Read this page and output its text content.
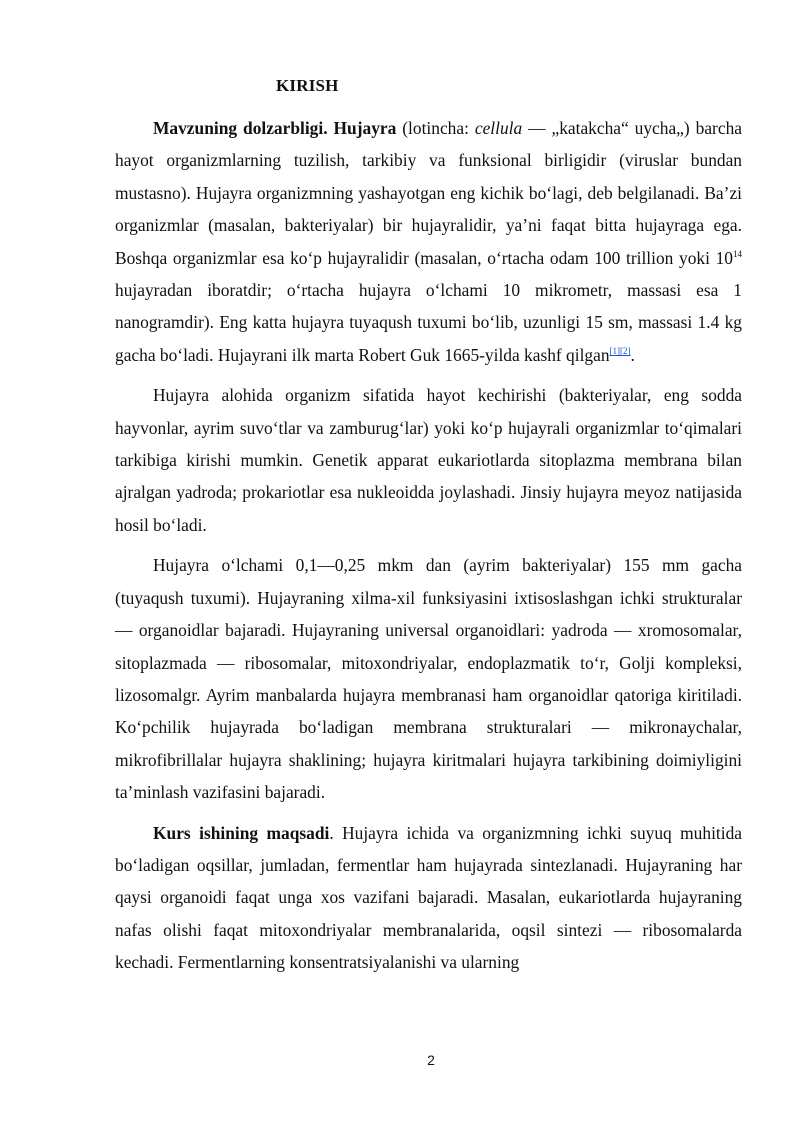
KIRISH

Mavzuning dolzarbligi. Hujayra (lotincha: cellula — „katakcha“ uycha„) barcha hayot organizmlarning tuzilish, tarkibiy va funksional birligidir (viruslar bundan mustasno). Hujayra organizmning yashayotgan eng kichik boʻlagi, deb belgilanadi. Baʼzi organizmlar (masalan, bakteriyalar) bir hujayralidir, yaʼni faqat bitta hujayraga ega. Boshqa organizmlar esa koʻp hujayralidir (masalan, oʻrtacha odam 100 trillion yoki $10^{14}$ hujayradan iboratdir; oʻrtacha hujayra oʻlchami 10 mikrometr, massasi esa 1 nanogramdir). Eng katta hujayra tuyaqush tuxumi boʻlib, uzunligi 15 sm, massasi 1.4 kg gacha boʻladi. Hujayrani ilk marta Robert Guk 1665-yilda kashf qilgan[1][2].

Hujayra alohida organizm sifatida hayot kechirishi (bakteriyalar, eng sodda hayvonlar, ayrim suvoʻtlar va zamburugʻlar) yoki koʻp hujayrali organizmlar toʻqimalari tarkibiga kirishi mumkin. Genetik apparat eukariotlarda sitoplazma membrana bilan ajralgan yadroda; prokariotlar esa nukleoidda joylashadi. Jinsiy hujayra meyoz natijasida hosil boʻladi.

Hujayra oʻlchami 0,1—0,25 mkm dan (ayrim bakteriyalar) 155 mm gacha (tuyaqush tuxumi). Hujayraning xilma-xil funksiyasini ixtisoslashgan ichki strukturalar — organoidlar bajaradi. Hujayraning universal organoidlari: yadroda — xromosomalar, sitoplazmada — ribosomalar, mitoxondriyalar, endoplazmatik toʻr, Golji kompleksi, lizosomalgr. Ayrim manbalarda hujayra membranasi ham organoidlar qatoriga kiritiladi. Koʻpchilik hujayrada boʻladigan membrana strukturalari — mikronaychalar, mikrofibrillalar hujayra shaklining; hujayra kiritmalari hujayra tarkibining doimiyligini taʼminlash vazifasini bajaradi.

Kurs ishining maqsadi. Hujayra ichida va organizmning ichki suyuq muhitida boʻladigan oqsillar, jumladan, fermentlar ham hujayrada sintezlanadi. Hujayraning har qaysi organoidi faqat unga xos vazifani bajaradi. Masalan, eukariotlarda hujayraning nafas olishi faqat mitoxondriyalar membranalarida, oqsil sintezi — ribosomalarda kechadi. Fermentlarning konsentratsiyalanishi va ularning

2
